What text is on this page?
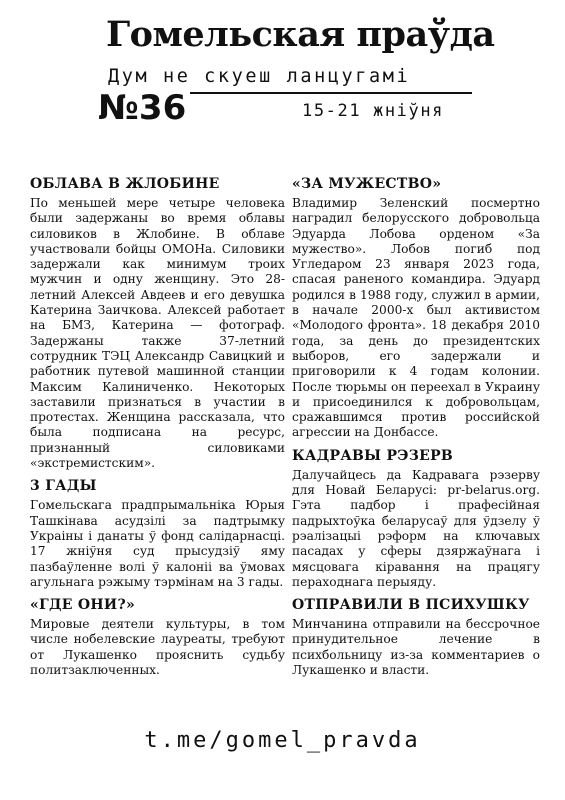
Гомельская праўда
Дум не скуеш ланцугамі
№36	15-21 жніўня
ОБЛАВА В ЖЛОБИНЕ

По меньшей мере четыре человека были задержаны во время облавы силовиков в Жлобине. В облаве участвовали бойцы ОМОНа. Силовики задержали как минимум троих мужчин и одну женщину. Это 28-летний Алексей Авдеев и его девушка Катерина Заичкова. Алексей работает на БМЗ, Катерина — фотограф. Задержаны также 37-летний сотрудник ТЭЦ Александр Савицкий и работник путевой машинной станции Максим Калиниченко. Некоторых заставили признаться в участии в протестах. Женщина рассказала, что была подписана на ресурс, признанный силовиками «экстремистским».

3 ГАДЫ

Гомельскага прадпрымальніка Юрыя Ташкінава асудзілі за падтрымку Украіны і данаты ў фонд салідарнасці. 17 жніўня суд прысудзіў яму пазбаўленне волі ў калоніі ва ўмовах агульнага рэжыму тэрмінам на 3 гады.

«ГДЕ ОНИ?»

Мировые деятели культуры, в том числе нобелевские лауреаты, требуют от Лукашенко прояснить судьбу политзаключенных.

«ЗА МУЖЕСТВО»

Владимир Зеленский посмертно наградил белорусского добровольца Эдуарда Лобова орденом «За мужество». Лобов погиб под Угледаром 23 января 2023 года, спасая раненого командира. Эдуард родился в 1988 году, служил в армии, в начале 2000-х был активистом «Молодого фронта». 18 декабря 2010 года, за день до президентских выборов, его задержали и приговорили к 4 годам колонии. После тюрьмы он переехал в Украину и присоединился к добровольцам, сражавшимся против российской агрессии на Донбассе.

КАДРАВЫ РЭЗЕРВ

Далучайцесь да Кадравага рэзерву для Новай Беларусі: pr-belarus.org. Гэта падбор і прафесійная падрыхтоўка беларусаў для ўдзелу ў рэалізацыі рэформ на ключавых пасадах у сферы дзяржаўнага і мясцовага кіравання на працягу пераходнага перыяду.

ОТПРАВИЛИ В ПСИХУШКУ

Минчанина отправили на бессрочное принудительное лечение в психбольницу из-за комментариев о Лукашенко и власти.

t.me/gomel_pravda
